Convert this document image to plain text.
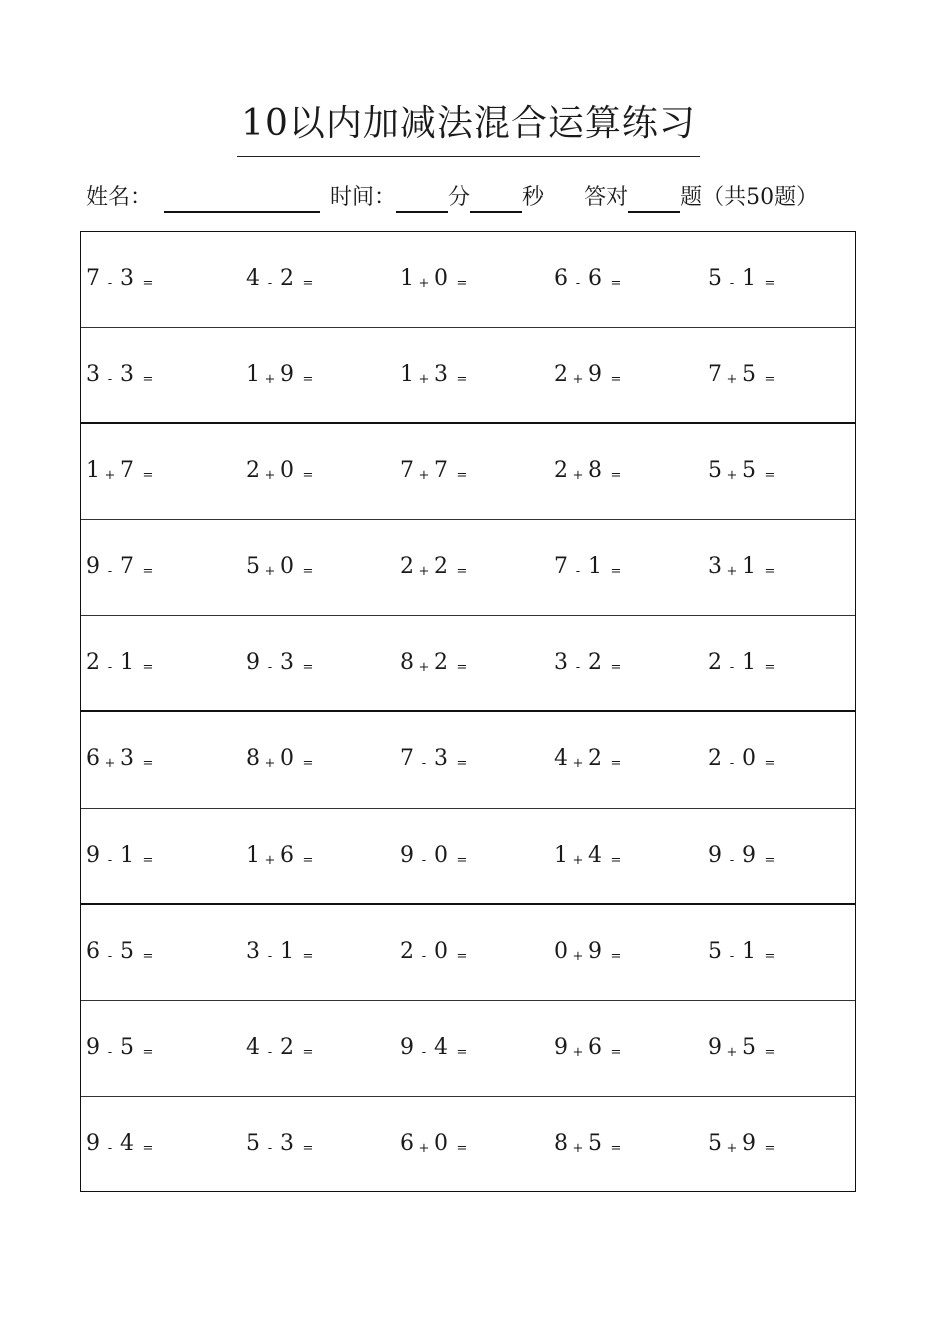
10以内加减法混合运算练习
姓名：	时间： 分 秒 答对 题（共50题）
7 - 3 =	4 - 2 =	1 + 0 =	6 - 6 =	5 - 1 =
3 - 3 =	1 + 9 =	1 + 3 =	2 + 9 =	7 + 5 =
1 + 7 =	2 + 0 =	7 + 7 =	2 + 8 =	5 + 5 =
9 - 7 =	5 + 0 =	2 + 2 =	7 - 1 =	3 + 1 =
2 - 1 =	9 - 3 =	8 + 2 =	3 - 2 =	2 - 1 =
6 + 3 =	8 + 0 =	7 - 3 =	4 + 2 =	2 - 0 =
9 - 1 =	1 + 6 =	9 - 0 =	1 + 4 =	9 - 9 =
6 - 5 =	3 - 1 =	2 - 0 =	0 + 9 =	5 - 1 =
9 - 5 =	4 - 2 =	9 - 4 =	9 + 6 =	9 + 5 =
9 - 4 =	5 - 3 =	6 + 0 =	8 + 5 =	5 + 9 =
